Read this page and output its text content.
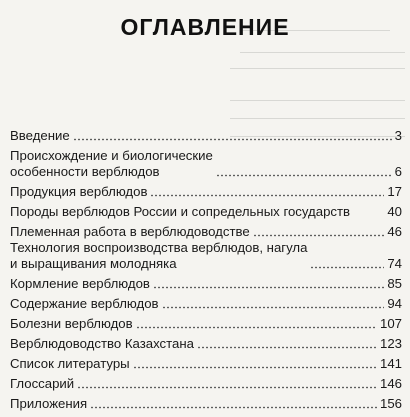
ОГЛАВЛЕНИЕ
Введение	3
Происхождение и биологические
особенности верблюдов	6
Продукция верблюдов	17
Породы верблюдов России и сопредельных государств	40
Племенная работа в верблюдоводстве	46
Технология воспроизводства верблюдов, нагула
и выращивания молодняка	74
Кормление верблюдов	85
Содержание верблюдов	94
Болезни верблюдов	107
Верблюдоводство Казахстана	123
Список литературы	141
Глоссарий	146
Приложения	156
